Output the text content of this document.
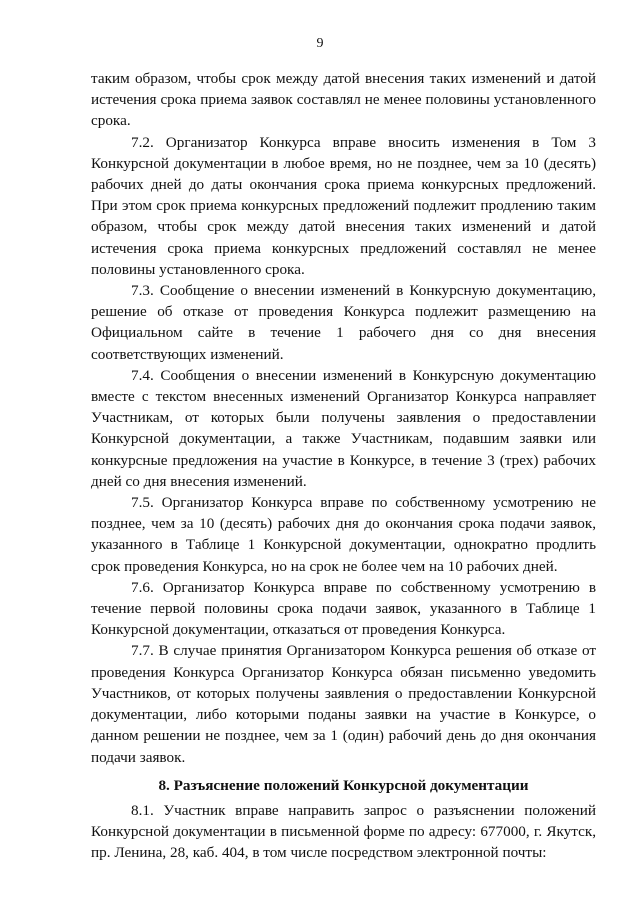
9

таким образом, чтобы срок между датой внесения таких изменений и датой истечения срока приема заявок составлял не менее половины установленного срока.

7.2. Организатор Конкурса вправе вносить изменения в Том 3 Конкурсной документации в любое время, но не позднее, чем за 10 (десять) рабочих дней до даты окончания срока приема конкурсных предложений. При этом срок приема конкурсных предложений подлежит продлению таким образом, чтобы срок между датой внесения таких изменений и датой истечения срока приема конкурсных предложений составлял не менее половины установленного срока.

7.3. Сообщение о внесении изменений в Конкурсную документацию, решение об отказе от проведения Конкурса подлежит размещению на Официальном сайте в течение 1 рабочего дня со дня внесения соответствующих изменений.

7.4. Сообщения о внесении изменений в Конкурсную документацию вместе с текстом внесенных изменений Организатор Конкурса направляет Участникам, от которых были получены заявления о предоставлении Конкурсной документации, а также Участникам, подавшим заявки или конкурсные предложения на участие в Конкурсе, в течение 3 (трех) рабочих дней со дня внесения изменений.

7.5. Организатор Конкурса вправе по собственному усмотрению не позднее, чем за 10 (десять) рабочих дня до окончания срока подачи заявок, указанного в Таблице 1 Конкурсной документации, однократно продлить срок проведения Конкурса, но на срок не более чем на 10 рабочих дней.

7.6. Организатор Конкурса вправе по собственному усмотрению в течение первой половины срока подачи заявок, указанного в Таблице 1 Конкурсной документации, отказаться от проведения Конкурса.

7.7. В случае принятия Организатором Конкурса решения об отказе от проведения Конкурса Организатор Конкурса обязан письменно уведомить Участников, от которых получены заявления о предоставлении Конкурсной документации, либо которыми поданы заявки на участие в Конкурсе, о данном решении не позднее, чем за 1 (один) рабочий день до дня окончания подачи заявок.

8. Разъяснение положений Конкурсной документации

8.1. Участник вправе направить запрос о разъяснении положений Конкурсной документации в письменной форме по адресу: 677000, г. Якутск, пр. Ленина, 28, каб. 404, в том числе посредством электронной почты:
